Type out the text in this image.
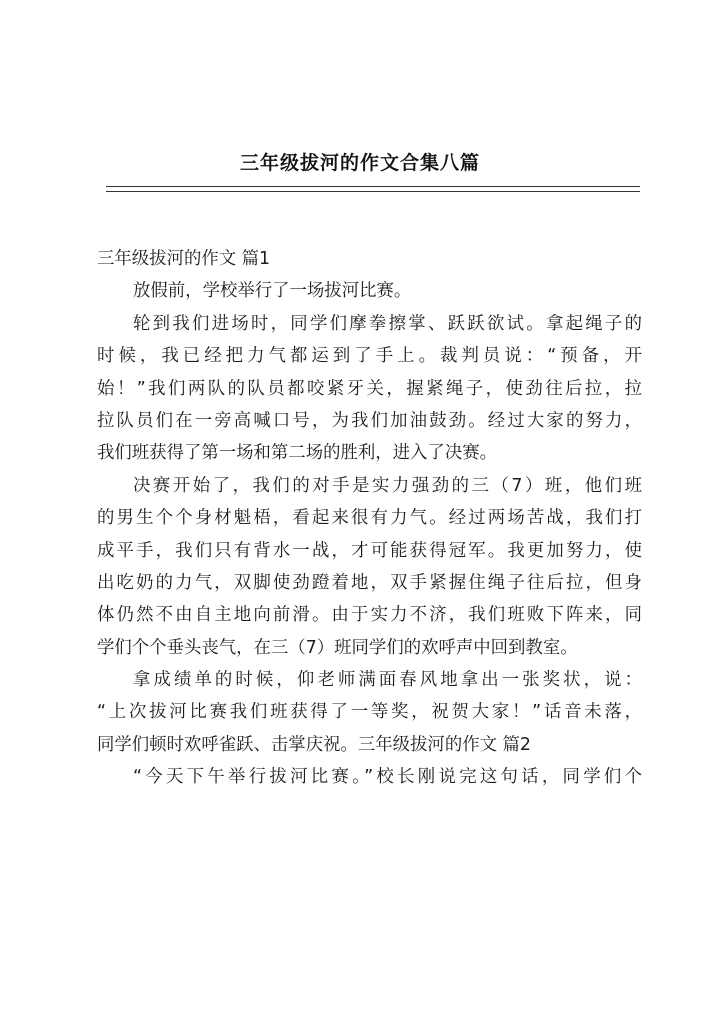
三年级拔河的作文合集八篇
三年级拔河的作文 篇1
放假前，学校举行了一场拔河比赛。
轮到我们进场时，同学们摩拳擦掌、跃跃欲试。拿起绳子的
时候，我已经把力气都运到了手上。裁判员说：“预备，开
始！”我们两队的队员都咬紧牙关，握紧绳子，使劲往后拉，拉
拉队员们在一旁高喊口号，为我们加油鼓劲。经过大家的努力，
我们班获得了第一场和第二场的胜利，进入了决赛。
决赛开始了，我们的对手是实力强劲的三（7）班，他们班
的男生个个身材魁梧，看起来很有力气。经过两场苦战，我们打
成平手，我们只有背水一战，才可能获得冠军。我更加努力，使
出吃奶的力气，双脚使劲蹬着地，双手紧握住绳子往后拉，但身
体仍然不由自主地向前滑。由于实力不济，我们班败下阵来，同
学们个个垂头丧气，在三（7）班同学们的欢呼声中回到教室。
拿成绩单的时候，仰老师满面春风地拿出一张奖状，说：
“上次拔河比赛我们班获得了一等奖，祝贺大家！”话音未落，
同学们顿时欢呼雀跃、击掌庆祝。三年级拔河的作文 篇2
“今天下午举行拔河比赛。”校长刚说完这句话，同学们个
